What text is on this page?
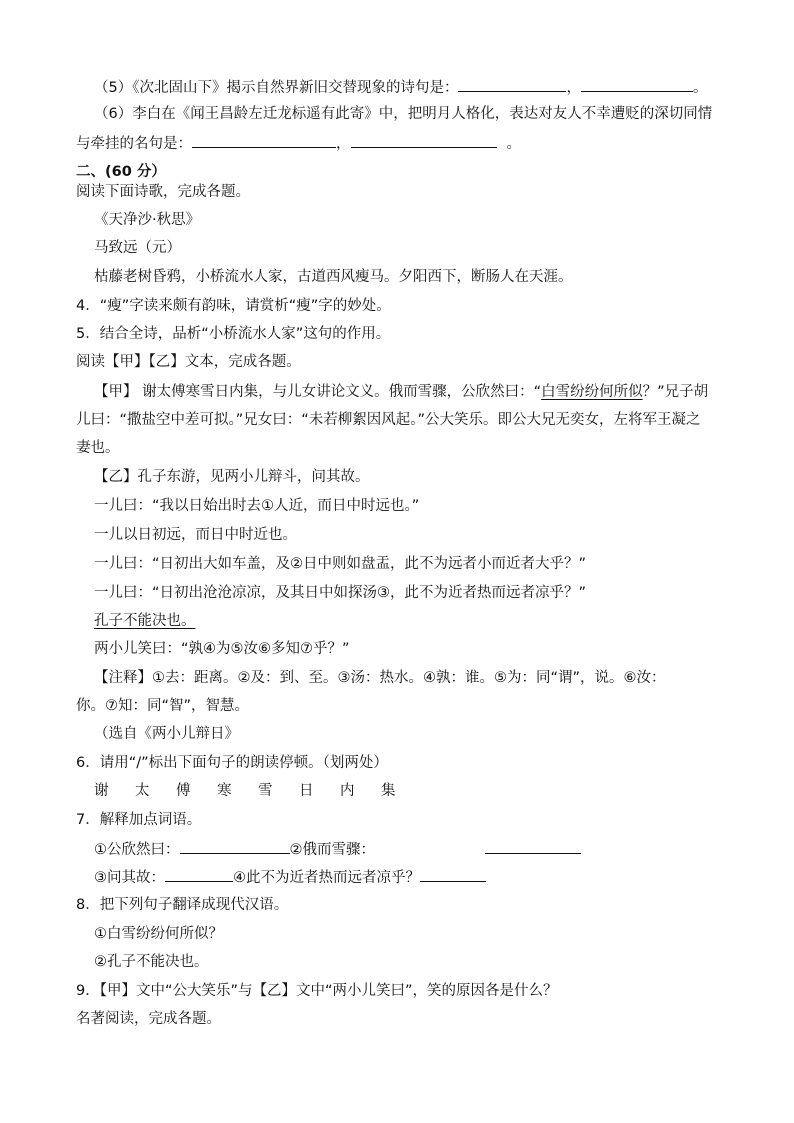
（5）《次北固山下》揭示自然界新旧交替现象的诗句是：	，	。
（6）李白在《闻王昌龄左迁龙标遥有此寄》中，把明月人格化，表达对友人不幸遭贬的深切同情
与牵挂的名句是：	，	。
二、(60 分）
阅读下面诗歌，完成各题。
《天净沙·秋思》
马致远（元）
枯藤老树昏鸦，小桥流水人家，古道西风瘦马。夕阳西下，断肠人在天涯。
4．“瘦”字读来颇有韵味，请赏析“瘦”字的妙处。
5．结合全诗，品析“小桥流水人家”这句的作用。
阅读【甲】【乙】文本，完成各题。
【甲】 谢太傅寒雪日内集，与儿女讲论文义。俄而雪骤，公欣然曰：“白雪纷纷何所似？”兄子胡
儿曰：“撒盐空中差可拟。”兄女曰：“未若柳絮因风起。”公大笑乐。即公大兄无奕女，左将军王凝之
妻也。
【乙】孔子东游，见两小儿辩斗，问其故。
一儿曰：“我以日始出时去①人近，而日中时远也。”
一儿以日初远，而日中时近也。
一儿曰：“日初出大如车盖，及②日中则如盘盂，此不为远者小而近者大乎？”
一儿曰：“日初出沧沧凉凉，及其日中如探汤③，此不为近者热而远者凉乎？”
孔子不能决也。
两小儿笑曰：“孰④为⑤汝⑥多知⑦乎？”
【注释】①去：距离。②及：到、至。③汤：热水。④孰：谁。⑤为：同“谓”，说。⑥汝：
你。⑦知：同“智”，智慧。
（选自《两小儿辩日》
6．请用“/”标出下面句子的朗读停顿。（划两处）
谢 太 傅 寒 雪 日 内 集
7．解释加点词语。
①公欣然曰：	②俄而雪骤：
③问其故：	④此不为近者热而远者凉乎？
8．把下列句子翻译成现代汉语。
①白雪纷纷何所似？
②孔子不能决也。
9．【甲】文中“公大笑乐”与【乙】文中“两小儿笑曰”，笑的原因各是什么？
名著阅读，完成各题。
